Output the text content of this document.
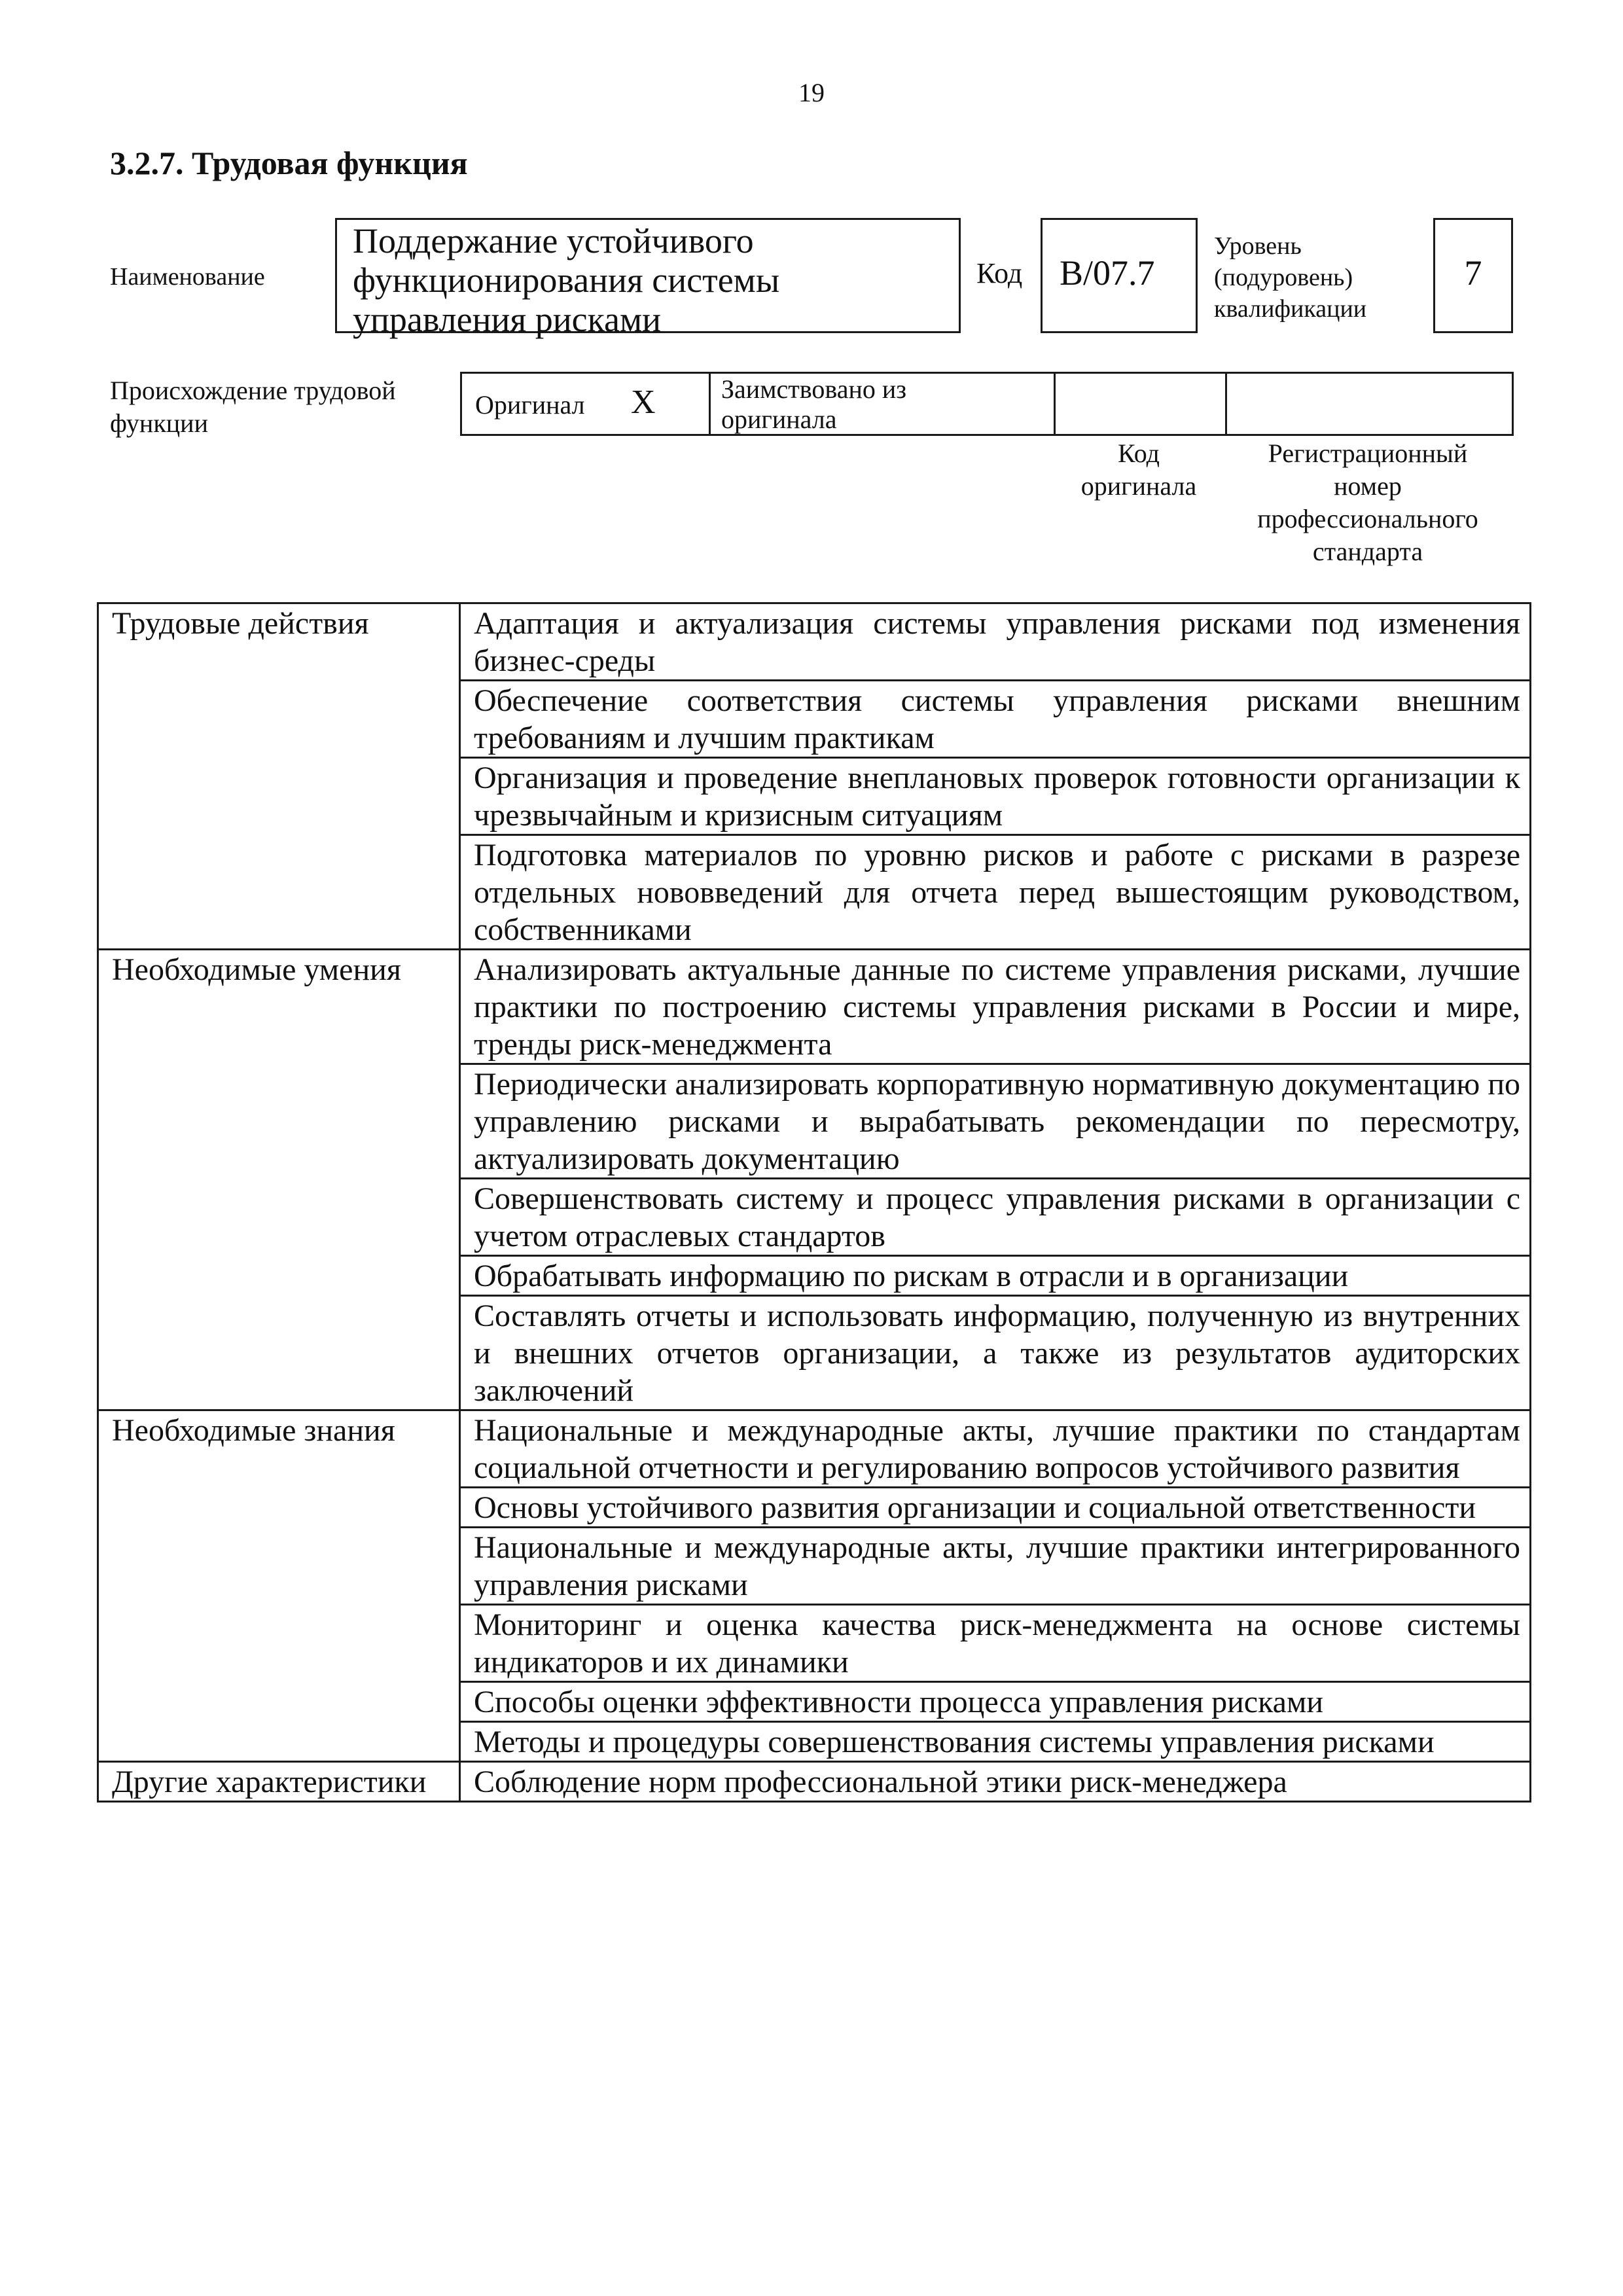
19
3.2.7. Трудовая функция
Наименование
Поддержание устойчивого функционирования системы управления рисками
Код B/07.7
Уровень
(подуровень)
квалификации
7
Происхождение трудовой
функции
Оригинал X	Заимствовано из
оригинала
Код
оригинала
Регистрационный
номер
профессионального
стандарта
Трудовые действия	Адаптация и актуализация системы управления рисками под изменения бизнес-среды
	Обеспечение соответствия системы управления рисками внешним требованиям и лучшим практикам
	Организация и проведение внеплановых проверок готовности организации к чрезвычайным и кризисным ситуациям
	Подготовка материалов по уровню рисков и работе с рисками в разрезе отдельных нововведений для отчета перед вышестоящим руководством, собственниками
Необходимые умения	Анализировать актуальные данные по системе управления рисками, лучшие практики по построению системы управления рисками в России и мире, тренды риск-менеджмента
	Периодически анализировать корпоративную нормативную документацию по управлению рисками и вырабатывать рекомендации по пересмотру, актуализировать документацию
	Совершенствовать систему и процесс управления рисками в организации с учетом отраслевых стандартов
	Обрабатывать информацию по рискам в отрасли и в организации
	Составлять отчеты и использовать информацию, полученную из внутренних и внешних отчетов организации, а также из результатов аудиторских заключений
Необходимые знания	Национальные и международные акты, лучшие практики по стандартам социальной отчетности и регулированию вопросов устойчивого развития
	Основы устойчивого развития организации и социальной ответственности
	Национальные и международные акты, лучшие практики интегрированного управления рисками
	Мониторинг и оценка качества риск-менеджмента на основе системы индикаторов и их динамики
	Способы оценки эффективности процесса управления рисками
	Методы и процедуры совершенствования системы управления рисками
Другие характеристики	Соблюдение норм профессиональной этики риск-менеджера
